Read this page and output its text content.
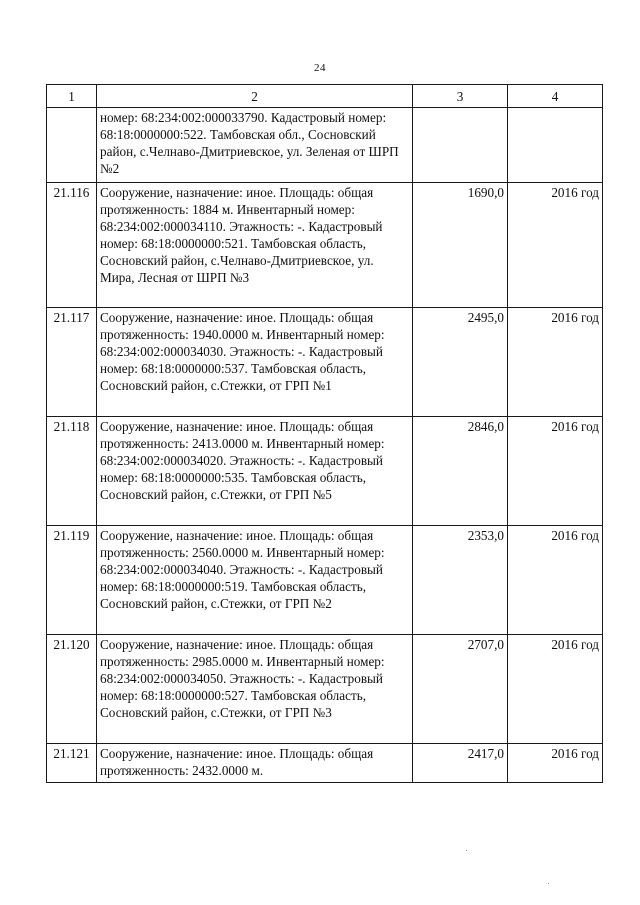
24
1	2	3	4
	номер: 68:234:002:000033790. Кадастровый номер: 68:18:0000000:522. Тамбовская обл., Сосновский район, с.Челнаво-Дмитриевское, ул. Зеленая от ШРП №2		
21.116	Сооружение, назначение: иное. Площадь: общая протяженность: 1884 м. Инвентарный номер: 68:234:002:000034110. Этажность: -. Кадастровый номер: 68:18:0000000:521. Тамбовская область, Сосновский район, с.Челнаво-Дмитриевское, ул. Мира, Лесная от ШРП №3	1690,0	2016 год
21.117	Сооружение, назначение: иное. Площадь: общая протяженность: 1940.0000 м. Инвентарный номер: 68:234:002:000034030. Этажность: -. Кадастровый номер: 68:18:0000000:537. Тамбовская область, Сосновский район, с.Стежки, от ГРП №1	2495,0	2016 год
21.118	Сооружение, назначение: иное. Площадь: общая протяженность: 2413.0000 м. Инвентарный номер: 68:234:002:000034020. Этажность: -. Кадастровый номер: 68:18:0000000:535. Тамбовская область, Сосновский район, с.Стежки, от ГРП №5	2846,0	2016 год
21.119	Сооружение, назначение: иное. Площадь: общая протяженность: 2560.0000 м. Инвентарный номер: 68:234:002:000034040. Этажность: -. Кадастровый номер: 68:18:0000000:519. Тамбовская область, Сосновский район, с.Стежки, от ГРП №2	2353,0	2016 год
21.120	Сооружение, назначение: иное. Площадь: общая протяженность: 2985.0000 м. Инвентарный номер: 68:234:002:000034050. Этажность: -. Кадастровый номер: 68:18:0000000:527. Тамбовская область, Сосновский район, с.Стежки, от ГРП №3	2707,0	2016 год
21.121	Сооружение, назначение: иное. Площадь: общая протяженность: 2432.0000 м.	2417,0	2016 год
